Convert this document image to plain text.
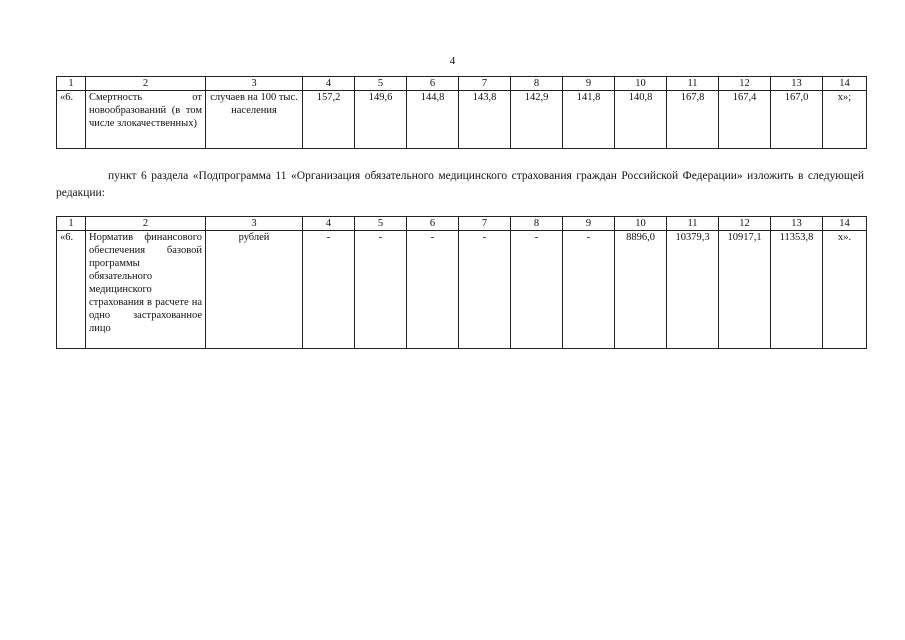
4
1	2	3	4	5	6	7	8	9	10	11	12	13	14
«6.	Смертность от новообразований (в том числе злокачественных)	случаев на 100 тыс. населения	157,2	149,6	144,8	143,8	142,9	141,8	140,8	167,8	167,4	167,0	х»;
пункт 6 раздела «Подпрограмма 11 «Организация обязательного медицинского страхования граждан Российской Федерации» изложить в следующей редакции:
1	2	3	4	5	6	7	8	9	10	11	12	13	14
«6.	Норматив финансового обеспечения базовой программы обязательного медицинского страхования в расчете на одно застрахованное лицо	рублей	-	-	-	-	-	-	8896,0	10379,3	10917,1	11353,8	х».
